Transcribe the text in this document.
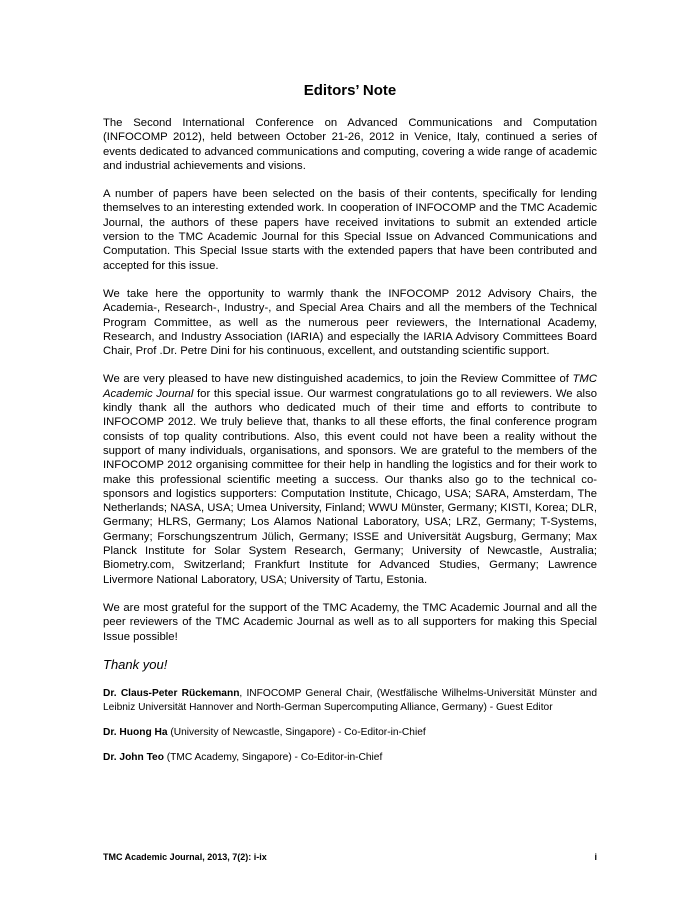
Editors’ Note

The Second International Conference on Advanced Communications and Computation (INFOCOMP 2012), held between October 21-26, 2012 in Venice, Italy, continued a series of events dedicated to advanced communications and computing, covering a wide range of academic and industrial achievements and visions.

A number of papers have been selected on the basis of their contents, specifically for lending themselves to an interesting extended work. In cooperation of INFOCOMP and the TMC Academic Journal, the authors of these papers have received invitations to submit an extended article version to the TMC Academic Journal for this Special Issue on Advanced Communications and Computation. This Special Issue starts with the extended papers that have been contributed and accepted for this issue.

We take here the opportunity to warmly thank the INFOCOMP 2012 Advisory Chairs, the Academia-, Research-, Industry-, and Special Area Chairs and all the members of the Technical Program Committee, as well as the numerous peer reviewers, the International Academy, Research, and Industry Association (IARIA) and especially the IARIA Advisory Committees Board Chair, Prof .Dr. Petre Dini for his continuous, excellent, and outstanding scientific support.

We are very pleased to have new distinguished academics, to join the Review Committee of TMC Academic Journal for this special issue. Our warmest congratulations go to all reviewers. We also kindly thank all the authors who dedicated much of their time and efforts to contribute to INFOCOMP 2012. We truly believe that, thanks to all these efforts, the final conference program consists of top quality contributions. Also, this event could not have been a reality without the support of many individuals, organisations, and sponsors. We are grateful to the members of the INFOCOMP 2012 organising committee for their help in handling the logistics and for their work to make this professional scientific meeting a success. Our thanks also go to the technical co-sponsors and logistics supporters: Computation Institute, Chicago, USA; SARA, Amsterdam, The Netherlands; NASA, USA; Umea University, Finland; WWU Münster, Germany; KISTI, Korea; DLR, Germany; HLRS, Germany; Los Alamos National Laboratory, USA; LRZ, Germany; T-Systems, Germany; Forschungszentrum Jülich, Germany; ISSE and Universität Augsburg, Germany; Max Planck Institute for Solar System Research, Germany; University of Newcastle, Australia; Biometry.com, Switzerland; Frankfurt Institute for Advanced Studies, Germany; Lawrence Livermore National Laboratory, USA; University of Tartu, Estonia.

We are most grateful for the support of the TMC Academy, the TMC Academic Journal and all the peer reviewers of the TMC Academic Journal as well as to all supporters for making this Special Issue possible!

Thank you!

Dr. Claus-Peter Rückemann, INFOCOMP General Chair, (Westfälische Wilhelms-Universität Münster and Leibniz Universität Hannover and North-German Supercomputing Alliance, Germany) - Guest Editor

Dr. Huong Ha (University of Newcastle, Singapore) - Co-Editor-in-Chief

Dr. John Teo (TMC Academy, Singapore) - Co-Editor-in-Chief

TMC Academic Journal, 2013, 7(2): i-ix	i
